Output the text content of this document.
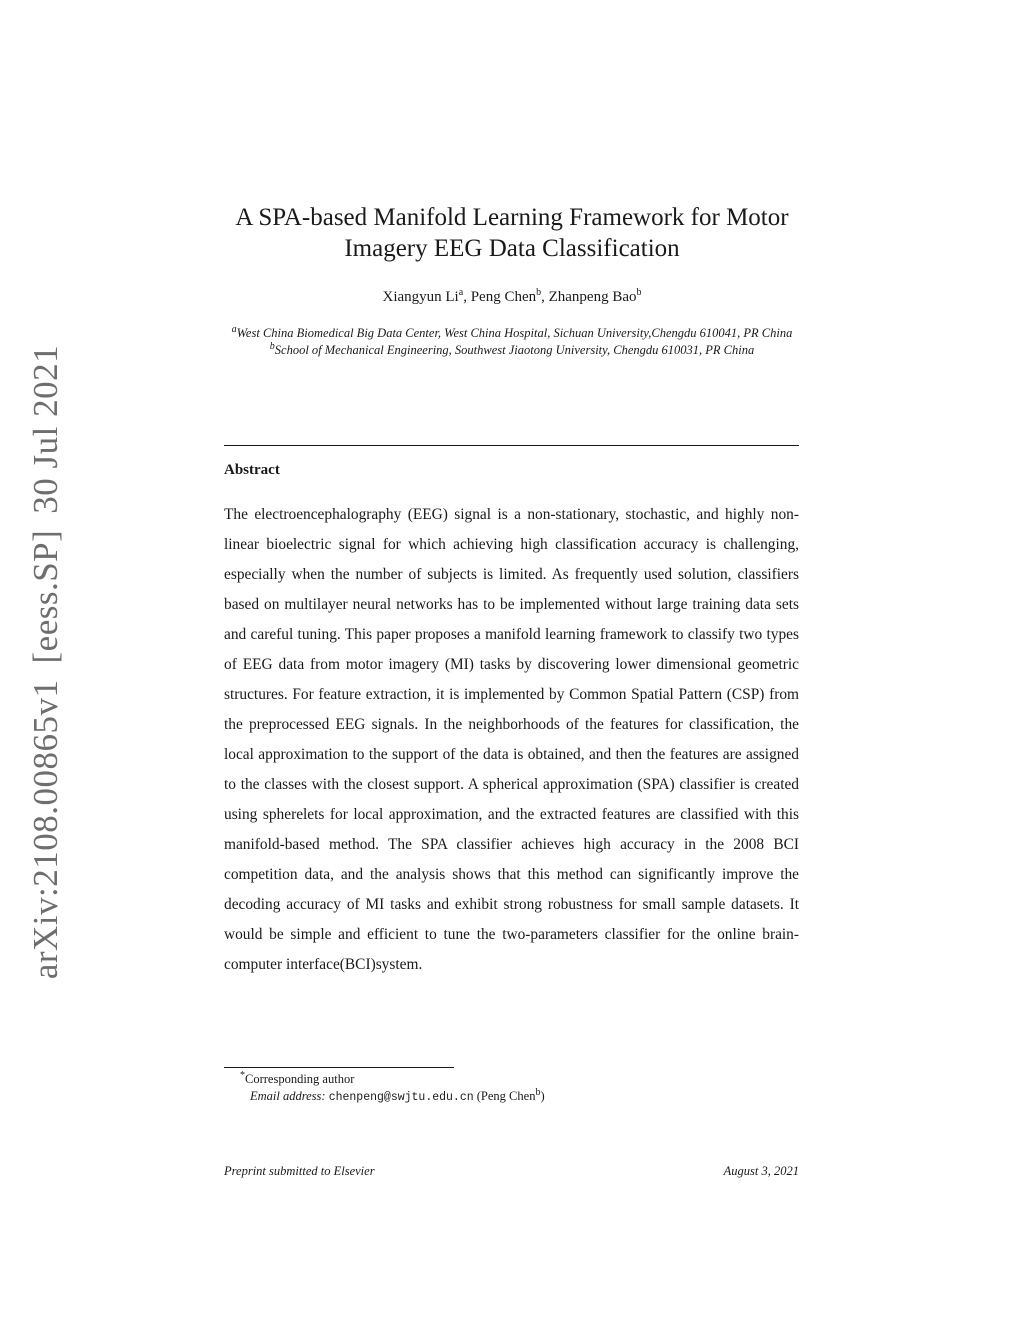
arXiv:2108.00865v1[eess.SP]30 Jul 2021
A SPA-based Manifold Learning Framework for Motor
Imagery EEG Data Classification
Xiangyun Li$^a$, Peng Chen$^b$, Zhanpeng Bao$^b$

$^a$West China Biomedical Big Data Center, West China Hospital, Sichuan University,Chengdu 610041, PR China

$^b$School of Mechanical Engineering, Southwest Jiaotong University, Chengdu 610031, PR China

Abstract

The electroencephalography (EEG) signal is a non-stationary, stochastic, and highly non-linear bioelectric signal for which achieving high classification accuracy is challenging, especially when the number of subjects is limited. As frequently used solution, classifiers based on multilayer neural networks has to be implemented without large training data sets and careful tuning. This paper proposes a manifold learning framework to classify two types of EEG data from motor imagery (MI) tasks by discovering lower dimensional geometric structures. For feature extraction, it is implemented by Common Spatial Pattern (CSP) from the preprocessed EEG signals. In the neighborhoods of the features for classification, the local approximation to the support of the data is obtained, and then the features are assigned to the classes with the closest support. A spherical approximation (SPA) classifier is created using spherelets for local approximation, and the extracted features are classified with this manifold-based method. The SPA classifier achieves high accuracy in the 2008 BCI competition data, and the analysis shows that this method can significantly improve the decoding accuracy of MI tasks and exhibit strong robustness for small sample datasets. It would be simple and efficient to tune the two-parameters classifier for the online brain-computer interface(BCI)system.

*Corresponding author
Email address: chenpeng@swjtu.edu.cn (Peng Chen$^b$)
Preprint submitted to Elsevier	August 3, 2021
